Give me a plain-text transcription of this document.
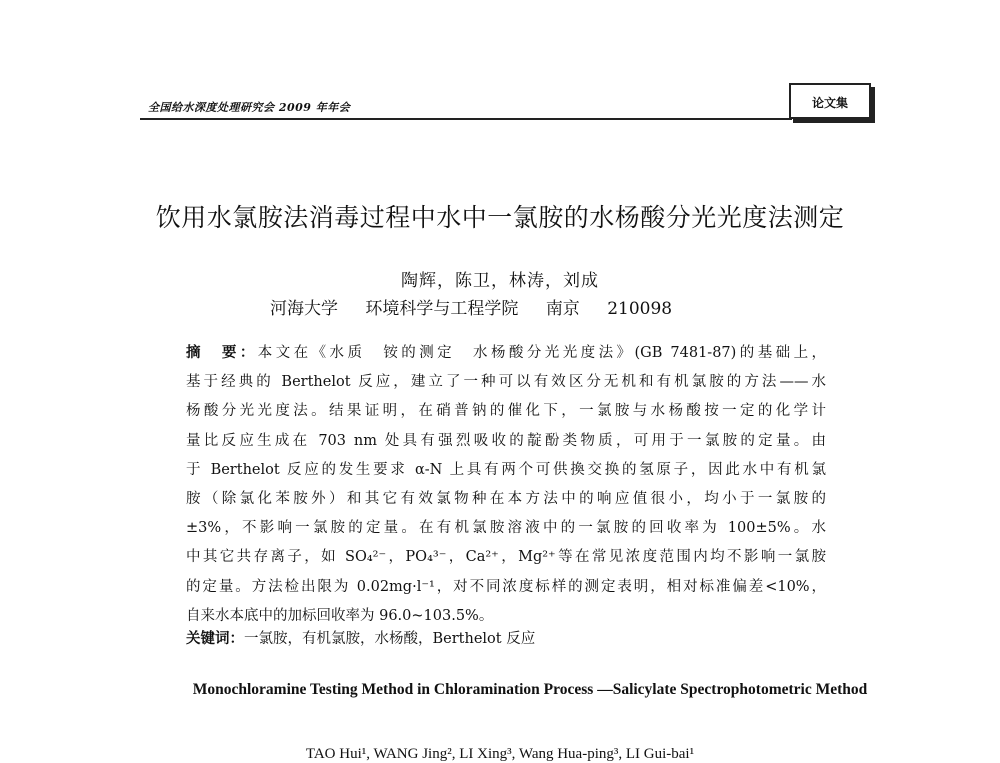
全国给水深度处理研究会 2009 年年会	论文集
饮用水氯胺法消毒过程中水中一氯胺的水杨酸分光光度法测定
陶辉，陈卫，林涛，刘成
河海大学 环境科学与工程学院 南京 210098
摘　要：本文在《水质　铵的测定　水杨酸分光光度法》(GB 7481-87)的基础上，
基于经典的 Berthelot 反应，建立了一种可以有效区分无机和有机氯胺的方法——水
杨酸分光光度法。结果证明，在硝普钠的催化下，一氯胺与水杨酸按一定的化学计
量比反应生成在 703 nm 处具有强烈吸收的靛酚类物质，可用于一氯胺的定量。由
于 Berthelot 反应的发生要求 α-N 上具有两个可供換交换的氢原子，因此水中有机氯
胺（除氯化苯胺外）和其它有效氯物种在本方法中的响应值很小，均小于一氯胺的
±3%，不影响一氯胺的定量。在有机氯胺溶液中的一氯胺的回收率为 100±5%。水
中其它共存离子，如 SO₄²⁻，PO₄³⁻，Ca²⁺，Mg²⁺等在常见浓度范围内均不影响一氯胺
的定量。方法检出限为 0.02mg·l⁻¹，对不同浓度标样的测定表明，相对标准偏差<10%，
自来水本底中的加标回收率为 96.0~103.5%。
关键词：一氯胺，有机氯胺，水杨酸，Berthelot 反应
Monochloramine Testing Method in Chloramination Process —Salicylate Spectrophotometric Method
TAO Hui¹, WANG Jing², LI Xing³, Wang Hua-ping³, LI Gui-bai¹
